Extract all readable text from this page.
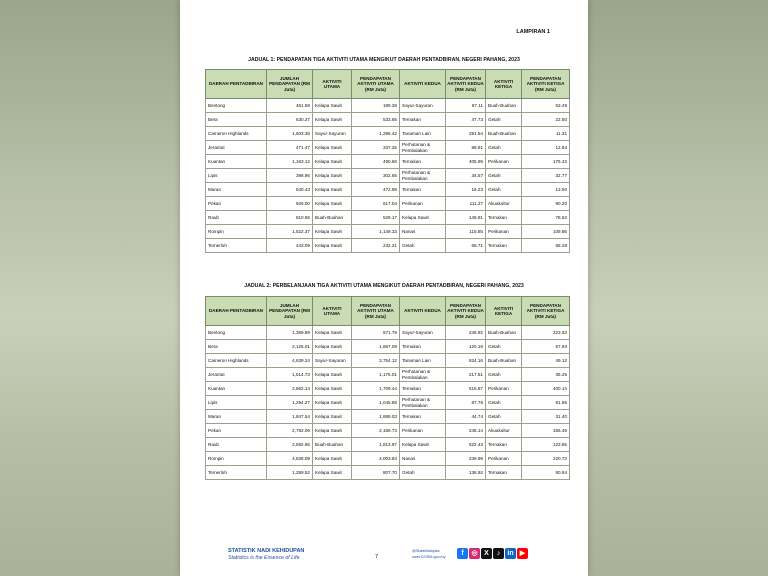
LAMPIRAN 1
JADUAL 1: PENDAPATAN TIGA AKTIVITI UTAMA MENGIKUT DAERAH PENTADBIRAN, NEGERI PAHANG, 2023
DAERAH PENTADBIRAN	JUMLAH PENDAPATAN (RM Juta)	AKTIVITI UTAMA	PENDAPATAN AKTIVITI UTAMA (RM Juta)	AKTIVITI KEDUA	PENDAPATAN AKTIVITI KEDUA (RM Juta)	AKTIVITI KETIGA	PENDAPATAN AKTIVITI KETIGA (RM Juta)
Bentong	451.58	Kelapa Sawit	189.28	Sayur-Sayuran	87.11	Buah-Buahan	63.49
Bera	630.27	Kelapa Sawit	533.65	Ternakan	47.73	Getah	22.50
Cameron Highlands	1,603.35	Sayur-Sayuran	1,296.42	Tanaman Lain	291.54	Buah-Buahan	11.31
Jerantut	471.47	Kelapa Sawit	337.25	Perhutanan & Pembalakan	88.91	Getah	12.84
Kuantan	1,163.12	Kelapa Sawit	490.66	Ternakan	405.99	Perikanan	176.43
Lipis	398.96	Kelapa Sawit	302.65	Perhutanan & Pembalakan	34.57	Getah	32.77
Maran	540.43	Kelapa Sawit	472.98	Ternakan	18.23	Getah	13.50
Pekan	926.00	Kelapa Sawit	617.04	Perikanan	111.27	Akuakultur	90.20
Raub	810.56	Buah-Buahan	529.17	Kelapa Sawit	148.91	Ternakan	78.62
Rompin	1,522.37	Kelapa Sawit	1,149.33	Nanas	115.85	Perikanan	109.86
Temerloh	443.09	Kelapa Sawit	232.21	Getah	68.71	Ternakan	58.28
JADUAL 2: PERBELANJAAN TIGA AKTIVITI UTAMA MENGIKUT DAERAH PENTADBIRAN, NEGERI PAHANG, 2023
DAERAH PENTADBIRAN	JUMLAH PENDAPATAN (RM Juta)	AKTIVITI UTAMA	PENDAPATAN AKTIVITI UTAMA (RM Juta)	AKTIVITI KEDUA	PENDAPATAN AKTIVITI KEDUA (RM Juta)	AKTIVITI KETIGA	PENDAPATAN AKTIVITI KETIGA (RM Juta)
Bentong	1,369.89	Kelapa Sawit	671.79	Sayur-Sayuran	246.92	Buah-Buahan	223.53
Bera	2,125.01	Kelapa Sawit	1,867.09	Ternakan	120.19	Getah	57.93
Cameron Highlands	4,639.24	Sayur-Sayuran	3,754.12	Tanaman Lain	824.16	Buah-Buahan	49.12
Jerantut	1,514.73	Kelapa Sawit	1,175.01	Perhutanan & Pembalakan	217.51	Getah	35.25
Kuantan	2,862.14	Kelapa Sawit	1,709.44	Ternakan	515.67	Perikanan	400.14
Lipis	1,294.27	Kelapa Sawit	1,045.88	Perhutanan & Pembalakan	87.76	Getah	81.85
Maran	1,847.54	Kelapa Sawit	1,689.03	Ternakan	44.74	Getah	31.40
Pekan	2,792.06	Kelapa Sawit	2,159.73	Perikanan	248.14	Akuakultur	156.49
Raub	2,582.86	Buah-Buahan	1,813.97	Kelapa Sawit	522.43	Ternakan	123.65
Rompin	4,828.09	Kelapa Sawit	4,003.84	Nanas	239.99	Perikanan	220.73
Temerloh	1,259.52	Kelapa Sawit	807.70	Getah	136.92	Ternakan	90.64
STATISTIK NADI KEHIDUPAN
Statistics is the Essence of Life	7
@StatsMalaysia
www.DOSM.gov.my	f	◎ X	♪	in ▶
